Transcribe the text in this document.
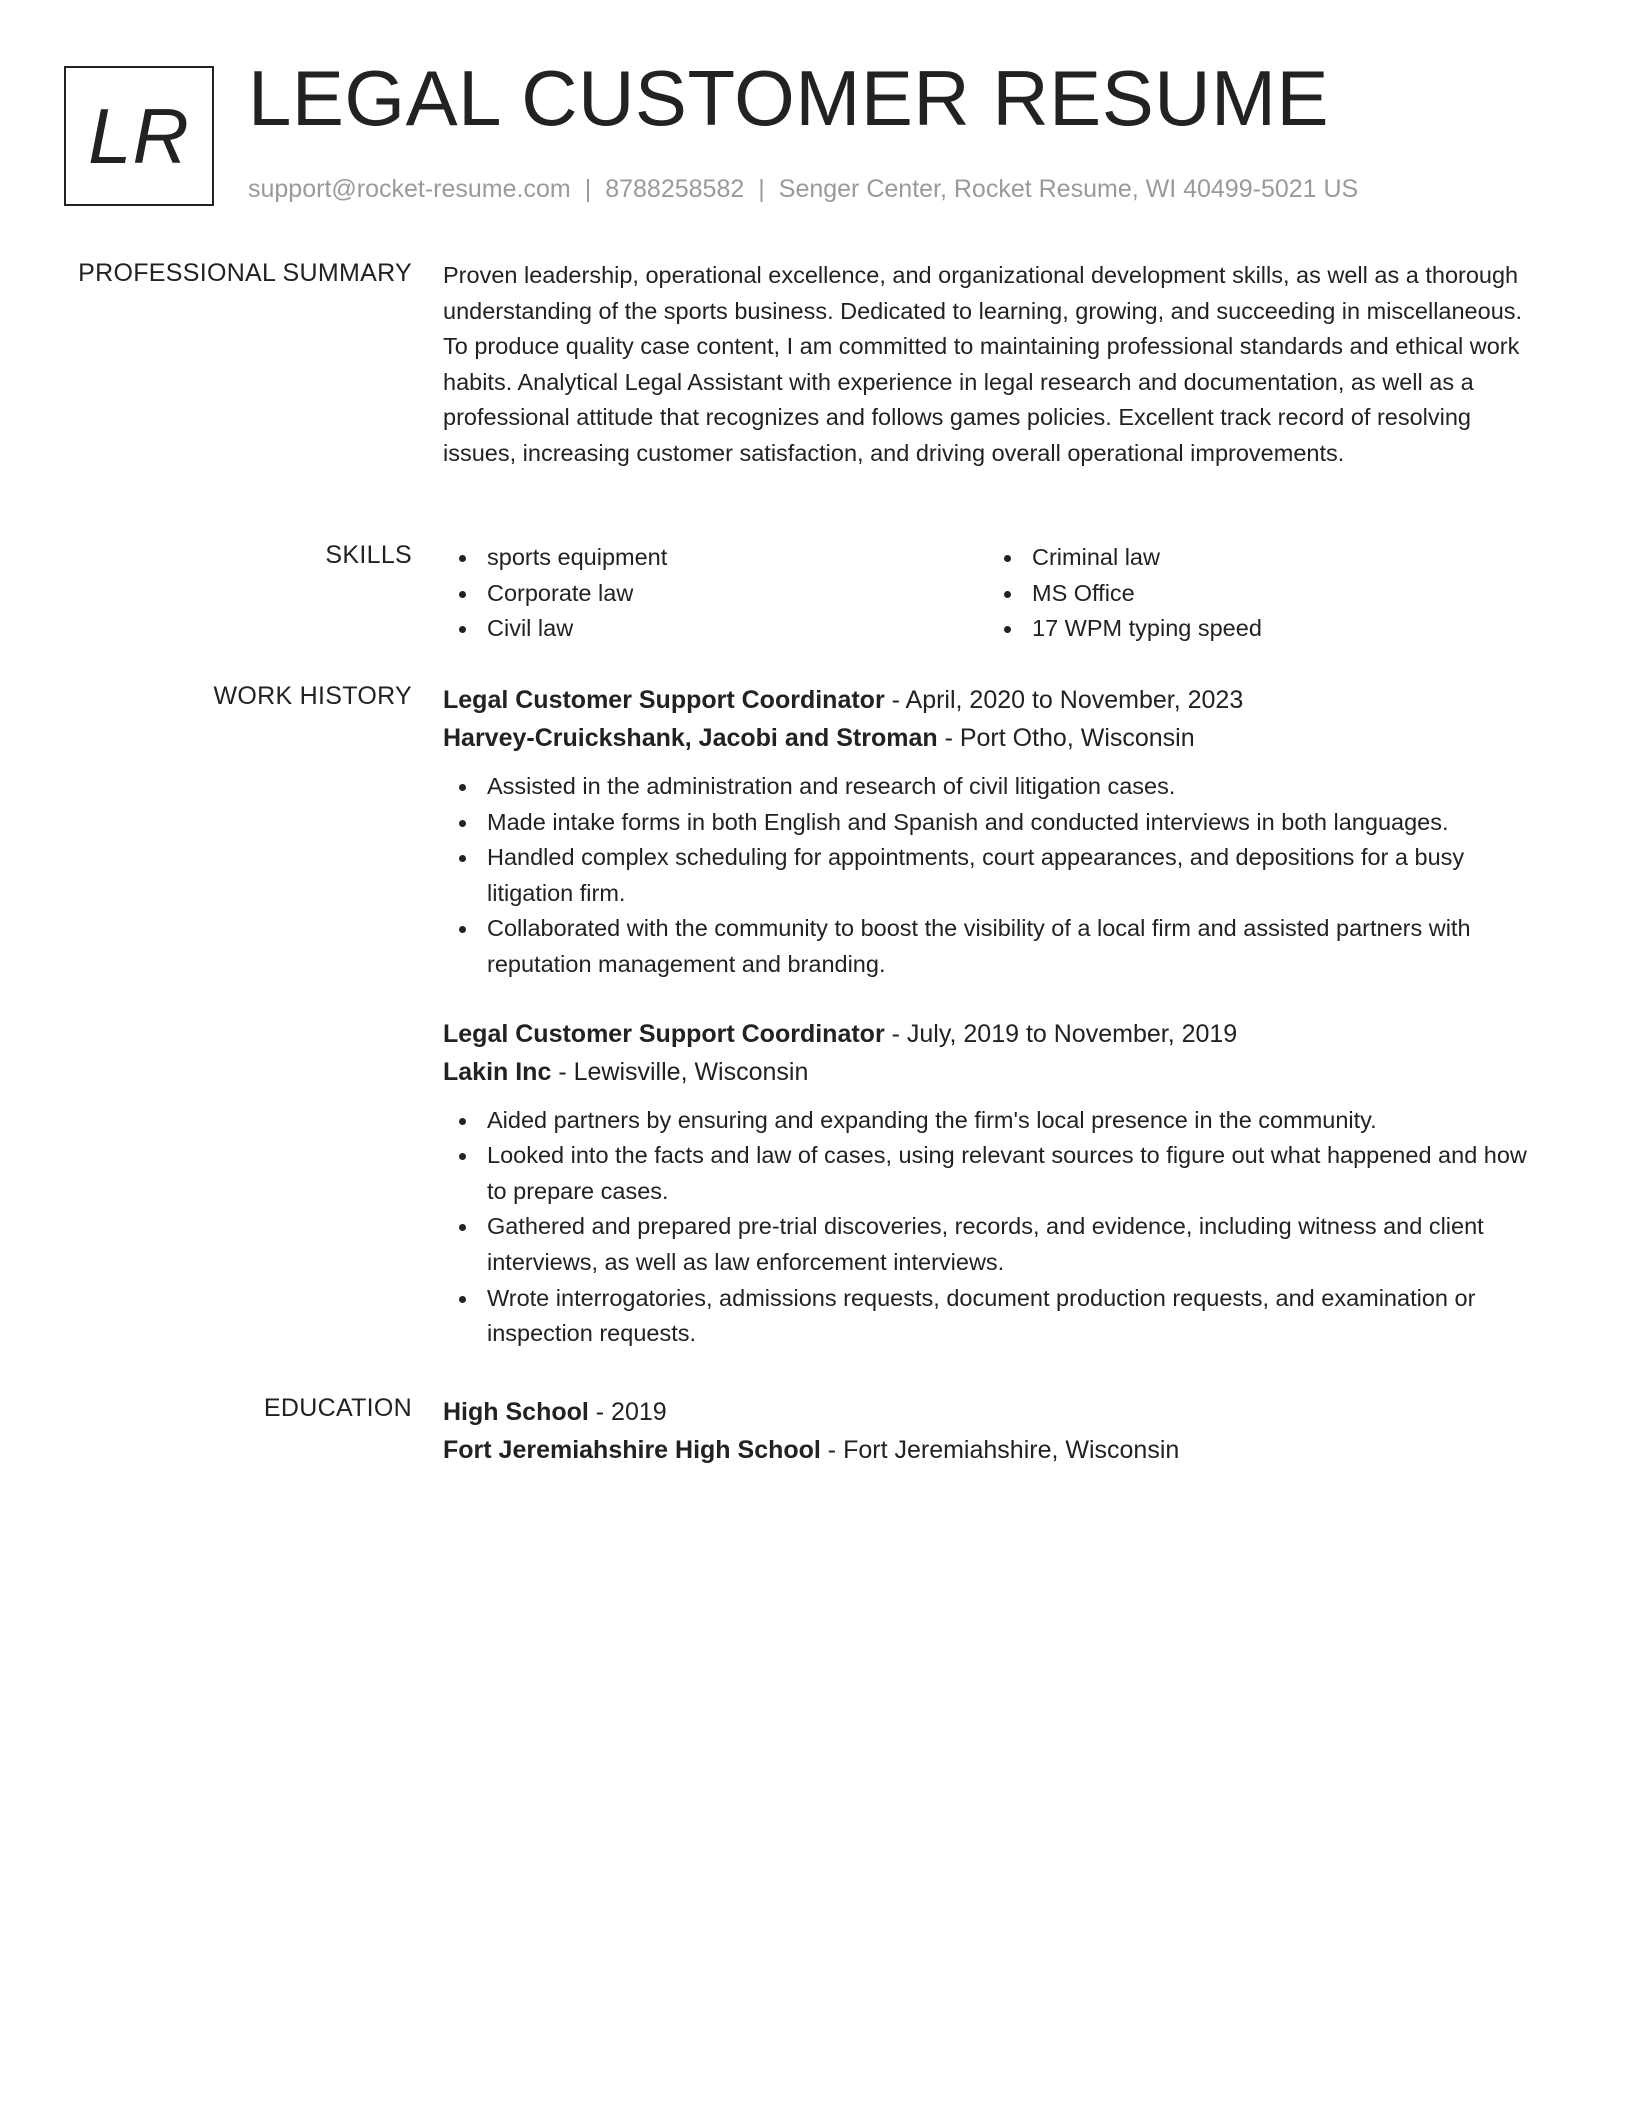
LR LEGAL CUSTOMER RESUME
support@rocket-resume.com | 8788258582 | Senger Center, Rocket Resume, WI 40499-5021 US
PROFESSIONAL SUMMARY Proven leadership, operational excellence, and organizational development skills, as well as a thorough understanding of the sports business. Dedicated to learning, growing, and succeeding in miscellaneous. To produce quality case content, I am committed to maintaining professional standards and ethical work habits. Analytical Legal Assistant with experience in legal research and documentation, as well as a professional attitude that recognizes and follows games policies. Excellent track record of resolving issues, increasing customer satisfaction, and driving overall operational improvements.

SKILLS	sports equipment
Corporate law
Civil law
Criminal law
MS Office
17 WPM typing speed
WORK HISTORY Legal Customer Support Coordinator - April, 2020 to November, 2023
Harvey-Cruickshank, Jacobi and Stroman - Port Otho, Wisconsin
Assisted in the administration and research of civil litigation cases.
Made intake forms in both English and Spanish and conducted interviews in both languages.
Handled complex scheduling for appointments, court appearances, and depositions for a busy litigation firm.
Collaborated with the community to boost the visibility of a local firm and assisted partners with reputation management and branding.
Legal Customer Support Coordinator - July, 2019 to November, 2019
Lakin Inc - Lewisville, Wisconsin
Aided partners by ensuring and expanding the firm's local presence in the community.
Looked into the facts and law of cases, using relevant sources to figure out what happened and how to prepare cases.
Gathered and prepared pre-trial discoveries, records, and evidence, including witness and client interviews, as well as law enforcement interviews.
Wrote interrogatories, admissions requests, document production requests, and examination or inspection requests.
EDUCATION High School - 2019
Fort Jeremiahshire High School - Fort Jeremiahshire, Wisconsin
